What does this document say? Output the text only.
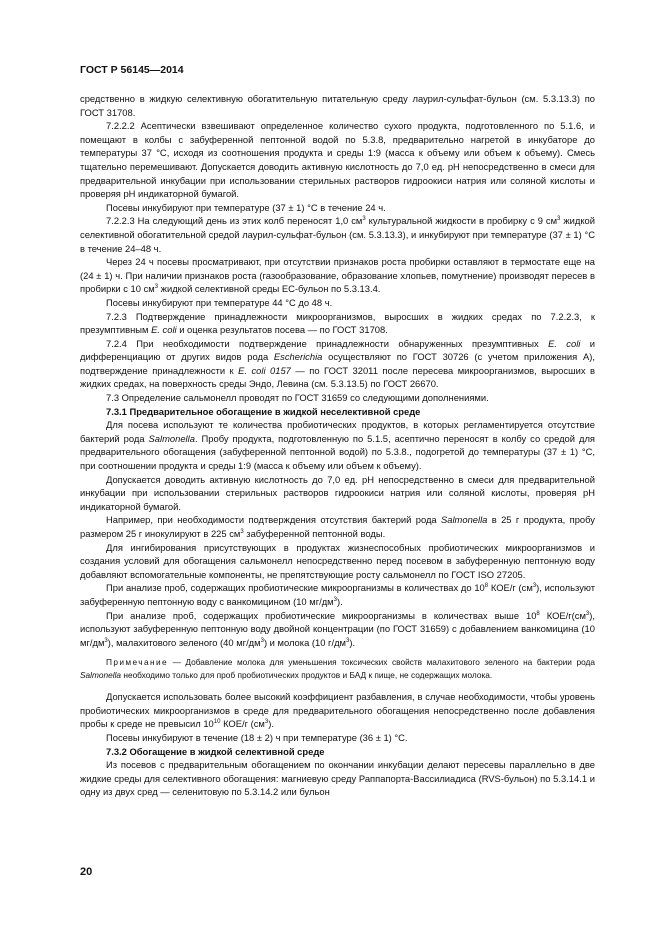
ГОСТ Р 56145—2014

средственно в жидкую селективную обогатительную питательную среду лаурил-сульфат-бульон (см. 5.3.13.3) по ГОСТ 31708.

7.2.2.2 Асептически взвешивают определенное количество сухого продукта, подготовленного по 5.1.6, и помещают в колбы с забуференной пептонной водой по 5.3.8, предварительно нагретой в инкубаторе до температуры 37 °С, исходя из соотношения продукта и среды 1:9 (масса к объему или объем к объему). Смесь тщательно перемешивают. Допускается доводить активную кислотность до 7,0 ед. pH непосредственно в смеси для предварительной инкубации при использовании стерильных растворов гидроокиси натрия или соляной кислоты и проверяя pH индикаторной бумагой.

Посевы инкубируют при температуре (37 ± 1) °С в течение 24 ч.

7.2.2.3 На следующий день из этих колб переносят 1,0 $см^3$ культуральной жидкости в пробирку с 9 $см^3$ жидкой селективной обогатительной средой лаурил-сульфат-бульон (см. 5.3.13.3), и инкубируют при температуре (37 ± 1) °С в течение 24–48 ч.

Через 24 ч посевы просматривают, при отсутствии признаков роста пробирки оставляют в термостате еще на (24 ± 1) ч. При наличии признаков роста (газообразование, образование хлопьев, помутнение) производят пересев в пробирки с 10 $см^3$ жидкой селективной среды ЕС-бульон по 5.3.13.4.

Посевы инкубируют при температуре 44 °С до 48 ч.

7.2.3 Подтверждение принадлежности микроорганизмов, выросших в жидких средах по 7.2.2.3, к презумптивным E. coli и оценка результатов посева — по ГОСТ 31708.

7.2.4 При необходимости подтверждение принадлежности обнаруженных презумптивных E. coli и дифференциацию от других видов рода Escherichia осуществляют по ГОСТ 30726 (с учетом приложения А), подтверждение принадлежности к E. coli 0157 — по ГОСТ 32011 после пересева микроорганизмов, выросших в жидких средах, на поверхность среды Эндо, Левина (см. 5.3.13.5) по ГОСТ 26670.

7.3 Определение сальмонелл проводят по ГОСТ 31659 со следующими дополнениями.

7.3.1 Предварительное обогащение в жидкой неселективной среде

Для посева используют те количества пробиотических продуктов, в которых регламентируется отсутствие бактерий рода Salmonella. Пробу продукта, подготовленную по 5.1.5, асептично переносят в колбу со средой для предварительного обогащения (забуференной пептонной водой) по 5.3.8., подогретой до температуры (37 ± 1) °С, при соотношении продукта и среды 1:9 (масса к объему или объем к объему).

Допускается доводить активную кислотность до 7,0 ед. pH непосредственно в смеси для предварительной инкубации при использовании стерильных растворов гидроокиси натрия или соляной кислоты, проверяя pH индикаторной бумагой.

Например, при необходимости подтверждения отсутствия бактерий рода Salmonella в 25 г продукта, пробу размером 25 г инокулируют в 225 $см^3$ забуференной пептонной воды.

Для ингибирования присутствующих в продуктах жизнеспособных пробиотических микроорганизмов и создания условий для обогащения сальмонелл непосредственно перед посевом в забуференную пептонную воду добавляют вспомогательные компоненты, не препятствующие росту сальмонелл по ГОСТ ISO 27205.

При анализе проб, содержащих пробиотические микроорганизмы в количествах до $10^8$ КОЕ/г $(см^3)$, используют забуференную пептонную воду с ванкомицином (10 $мг/дм^3$).

При анализе проб, содержащих пробиотические микроорганизмы в количествах выше $10^8$ КОЕ/$г(см^3)$, используют забуференную пептонную воду двойной концентрации (по ГОСТ 31659) с добавлением ванкомицина (10 $мг/дм^3$), малахитового зеленого (40 $мг/дм^3$) и молока (10 $г/дм^3$).

Примечание — Добавление молока для уменьшения токсических свойств малахитового зеленого на бактерии рода Salmonella необходимо только для проб пробиотических продуктов и БАД к пище, не содержащих молока.

Допускается использовать более высокий коэффициент разбавления, в случае необходимости, чтобы уровень пробиотических микроорганизмов в среде для предварительного обогащения непосредственно после добавления пробы к среде не превысил $10^{10}$ КОЕ/г $(см^3)$.

Посевы инкубируют в течение (18 ± 2) ч при температуре (36 ± 1) °С.

7.3.2 Обогащение в жидкой селективной среде

Из посевов с предварительным обогащением по окончании инкубации делают пересевы параллельно в две жидкие среды для селективного обогащения: магниевую среду Раппапорта-Вассилиадиса (RVS-бульон) по 5.3.14.1 и одну из двух сред — селенитовую по 5.3.14.2 или бульон

20
